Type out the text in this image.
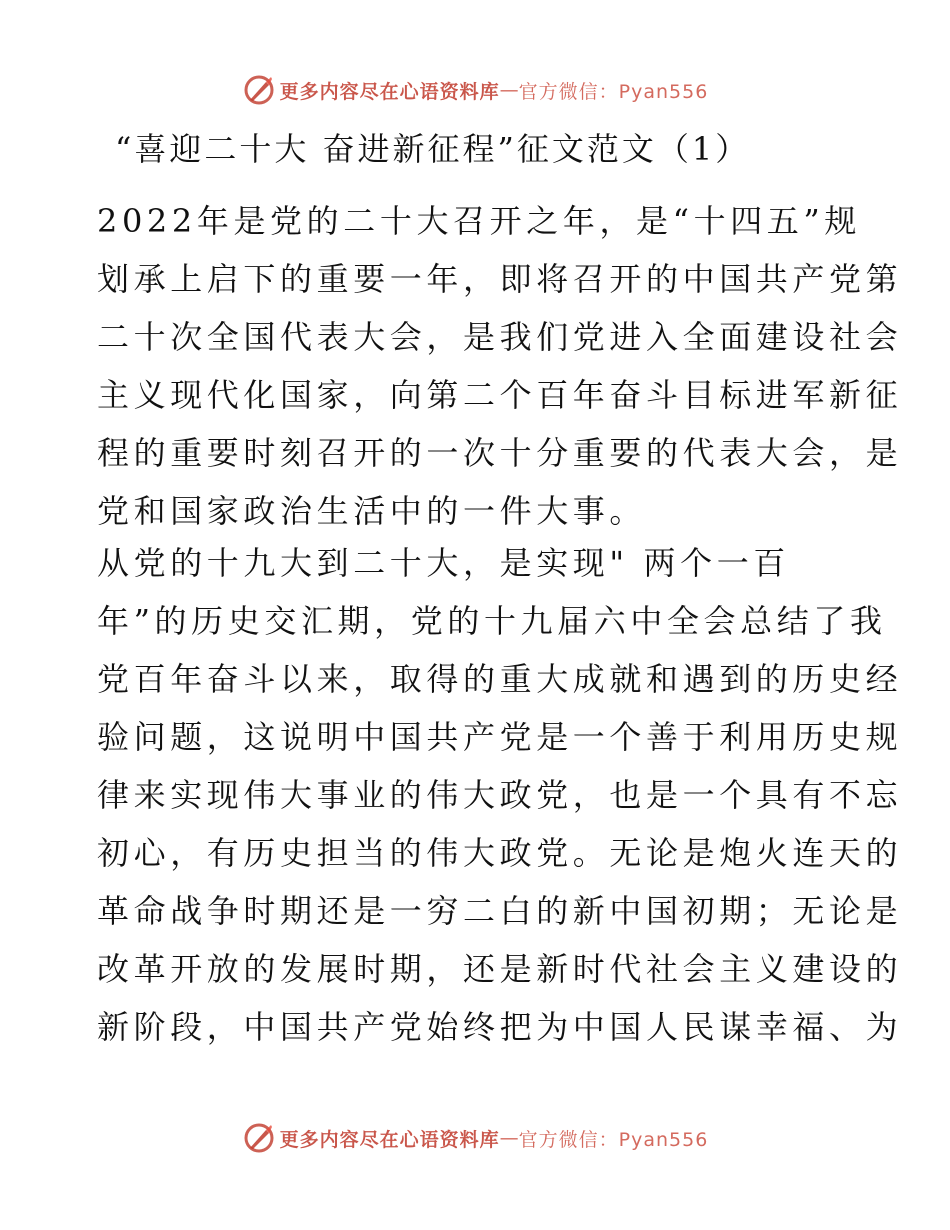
更多内容尽在心语资料库 — 官方微信：Pyan556
“喜迎二十大 奋进新征程”征文范文（1）

2022年是党的二十大召开之年，是“十四五”规
划承上启下的重要一年，即将召开的中国共产党第
二十次全国代表大会，是我们党进入全面建设社会
主义现代化国家，向第二个百年奋斗目标进军新征
程的重要时刻召开的一次十分重要的代表大会，是
党和国家政治生活中的一件大事。

从党的十九大到二十大，是实现" 两个一百
年”的历史交汇期，党的十九届六中全会总结了我
党百年奋斗以来，取得的重大成就和遇到的历史经
验问题，这说明中国共产党是一个善于利用历史规
律来实现伟大事业的伟大政党，也是一个具有不忘
初心，有历史担当的伟大政党。无论是炮火连天的
革命战争时期还是一穷二白的新中国初期；无论是
改革开放的发展时期，还是新时代社会主义建设的
新阶段，中国共产党始终把为中国人民谋幸福、为

更多内容尽在心语资料库 — 官方微信：Pyan556
